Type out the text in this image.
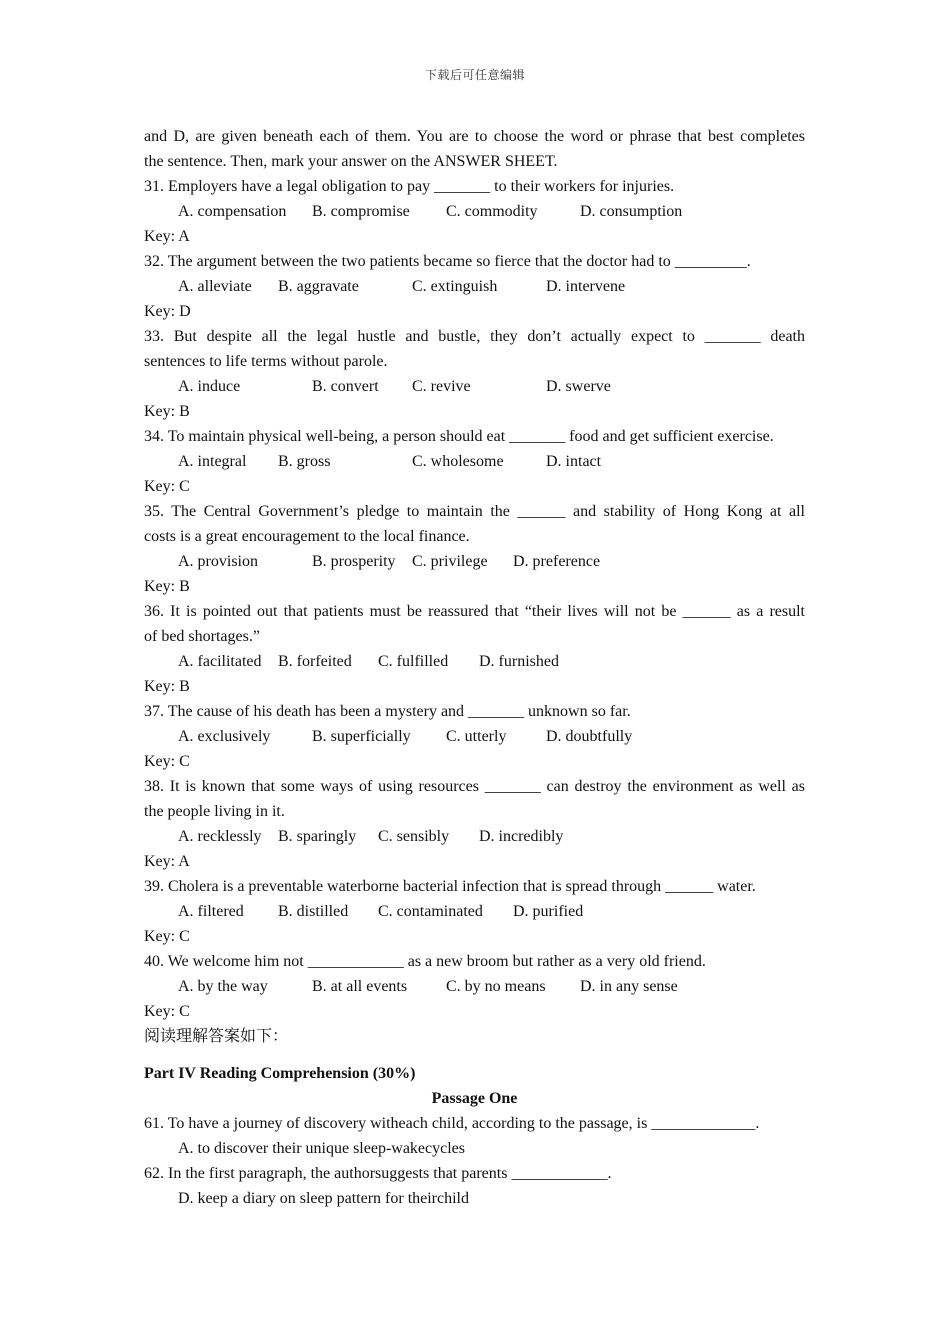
下载后可任意编辑
and D, are given beneath each of them. You are to choose the word or phrase that best completes
the sentence. Then, mark your answer on the ANSWER SHEET.
31. Employers have a legal obligation to pay _______ to their workers for injuries.
A. compensation B. compromise C. commodity	D. consumption
Key: A
32. The argument between the two patients became so fierce that the doctor had to _________.
A. alleviate B. aggravate	C. extinguish	D. intervene
Key: D
33. But despite all the legal hustle and bustle, they don’t actually expect to _______ death
sentences to life terms without parole.
A. induce	B. convert C. revive	D. swerve
Key: B
34. To maintain physical well-being, a person should eat _______ food and get sufficient exercise.
A. integral B. gross	C. wholesome	D. intact
Key: C
35. The Central Government’s pledge to maintain the ______ and stability of Hong Kong at all
costs is a great encouragement to the local finance.
A. provision	B. prosperity C. privilege D. preference
Key: B
36. It is pointed out that patients must be reassured that “their lives will not be ______ as a result
of bed shortages.”
A. facilitated B. forfeited C. fulfilled D. furnished
Key: B
37. The cause of his death has been a mystery and _______ unknown so far.
A. exclusively	B. superficially C. utterly D. doubtfully
Key: C
38. It is known that some ways of using resources _______ can destroy the environment as well as
the people living in it.
A. recklessly B. sparingly C. sensibly D. incredibly
Key: A
39. Cholera is a preventable waterborne bacterial infection that is spread through ______ water.
A. filtered B. distilled C. contaminated D. purified
Key: C
40. We welcome him not ____________ as a new broom but rather as a very old friend.
A. by the way	B. at all events C. by no means D. in any sense
Key: C
阅读理解答案如下：
Part IV Reading Comprehension (30%)
Passage One
61. To have a journey of discovery witheach child, according to the passage, is _____________.
A. to discover their unique sleep-wakecycles
62. In the first paragraph, the authorsuggests that parents ____________.
D. keep a diary on sleep pattern for theirchild
